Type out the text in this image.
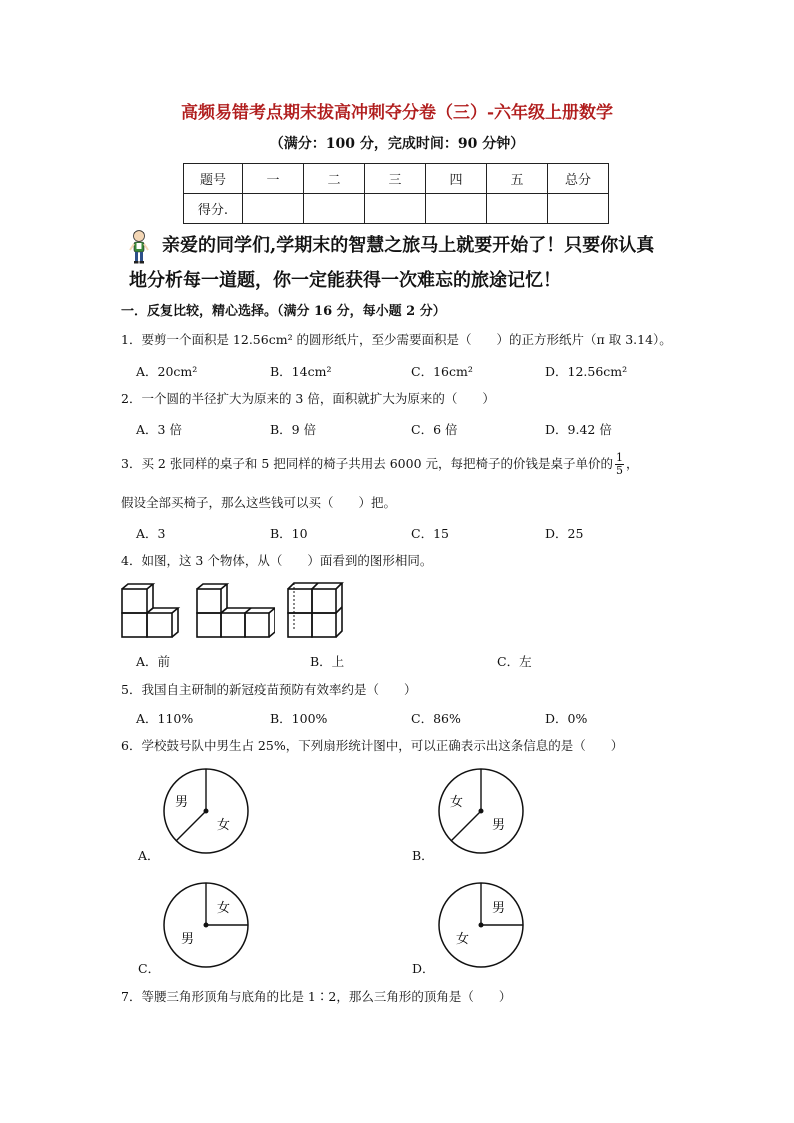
高频易错考点期末拔高冲刺夺分卷（三）-六年级上册数学
（满分：100 分，完成时间：90 分钟）
题号	一	二	三	四	五	总分
得分.						
亲爱的同学们,学期末的智慧之旅马上就要开始了！只要你认真
地分析每一道题，你一定能获得一次难忘的旅途记忆！
一．反复比较，精心选择。（满分 16 分，每小题 2 分）
1．要剪一个面积是 12.56cm² 的圆形纸片，至少需要面积是（　　）的正方形纸片（π 取 3.14）。
A．20cm²	B．14cm²	C．16cm²	D．12.56cm²
2．一个圆的半径扩大为原来的 3 倍，面积就扩大为原来的（　　）
A．3 倍	B．9 倍	C．6 倍	D．9.42 倍
3．买 2 张同样的桌子和 5 把同样的椅子共用去 6000 元，每把椅子的价钱是桌子单价的 $\frac{1}{5}$ ，
假设全部买椅子，那么这些钱可以买（　　）把。
A．3	B．10	C．15	D．25
4．如图，这 3 个物体，从（　　）面看到的图形相同。
A．前	B．上	C．左
5．我国自主研制的新冠疫苗预防有效率约是（　　）
A．110%	B．100%	C．86%	D．0%
6．学校鼓号队中男生占 25%，下列扇形统计图中，可以正确表示出这条信息的是（　　）
男
女
A．
女
男
B．
女
男
C．
男
女
D．
7．等腰三角形顶角与底角的比是 1∶2，那么三角形的顶角是（　　）
